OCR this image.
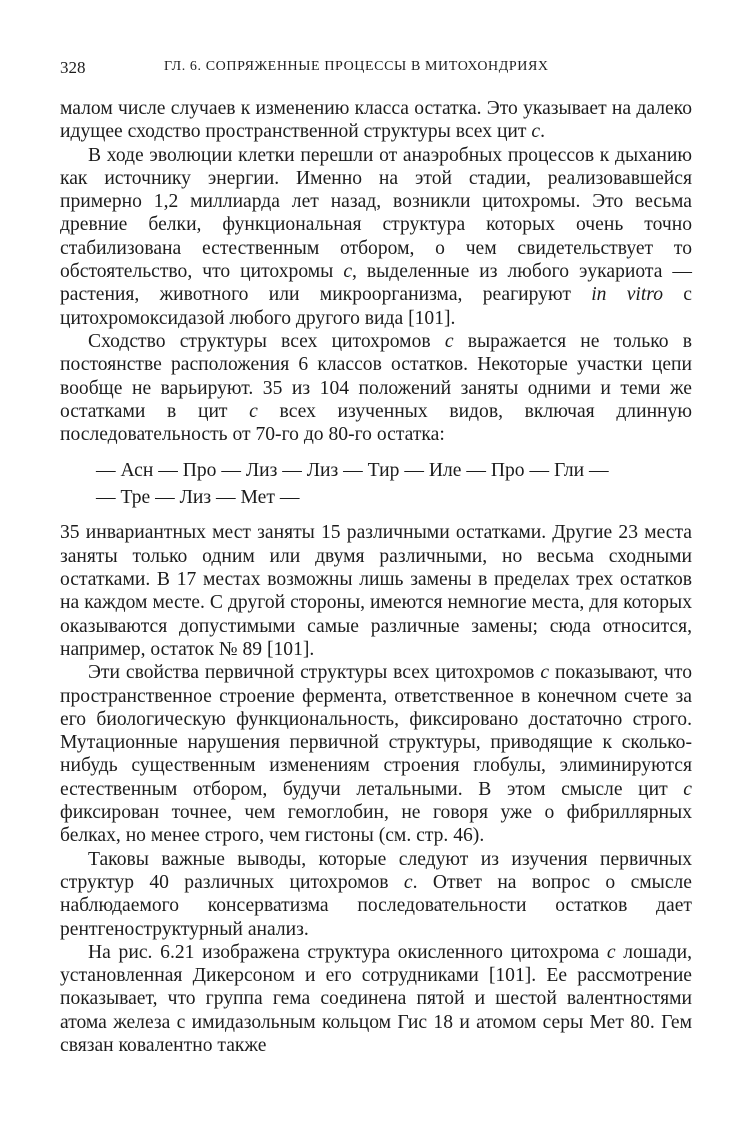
328	ГЛ. 6. СОПРЯЖЕННЫЕ ПРОЦЕССЫ В МИТОХОНДРИЯХ

малом числе случаев к изменению класса остатка. Это указывает на далеко идущее сходство пространственной структуры всех цит с.

В ходе эволюции клетки перешли от анаэробных процессов к дыханию как источнику энергии. Именно на этой стадии, реализовавшейся примерно 1,2 миллиарда лет назад, возникли цитохромы. Это весьма древние белки, функциональная структура которых очень точно стабилизована естественным отбором, о чем свидетельствует то обстоятельство, что цитохромы с, выделенные из любого эукариота — растения, животного или микроорганизма, реагируют in vitro с цитохромоксидазой любого другого вида [101].

Сходство структуры всех цитохромов с выражается не только в постоянстве расположения 6 классов остатков. Некоторые участки цепи вообще не варьируют. 35 из 104 положений заняты одними и теми же остатками в цит с всех изученных видов, включая длинную последовательность от 70-го до 80-го остатка:

— Асн — Про — Лиз — Лиз — Тир — Иле — Про — Гли —
— Тре — Лиз — Мет —

35 инвариантных мест заняты 15 различными остатками. Другие 23 места заняты только одним или двумя различными, но весьма сходными остатками. В 17 местах возможны лишь замены в пределах трех остатков на каждом месте. С другой стороны, имеются немногие места, для которых оказываются допустимыми самые различные замены; сюда относится, например, остаток № 89 [101].

Эти свойства первичной структуры всех цитохромов с показывают, что пространственное строение фермента, ответственное в конечном счете за его биологическую функциональность, фиксировано достаточно строго. Мутационные нарушения первичной структуры, приводящие к сколько-нибудь существенным изменениям строения глобулы, элиминируются естественным отбором, будучи летальными. В этом смысле цит с фиксирован точнее, чем гемоглобин, не говоря уже о фибриллярных белках, но менее строго, чем гистоны (см. стр. 46).

Таковы важные выводы, которые следуют из изучения первичных структур 40 различных цитохромов с. Ответ на вопрос о смысле наблюдаемого консерватизма последовательности остатков дает рентгеноструктурный анализ.

На рис. 6.21 изображена структура окисленного цитохрома с лошади, установленная Дикерсоном и его сотрудниками [101]. Ее рассмотрение показывает, что группа гема соединена пятой и шестой валентностями атома железа с имидазольным кольцом Гис 18 и атомом серы Мет 80. Гем связан ковалентно также
